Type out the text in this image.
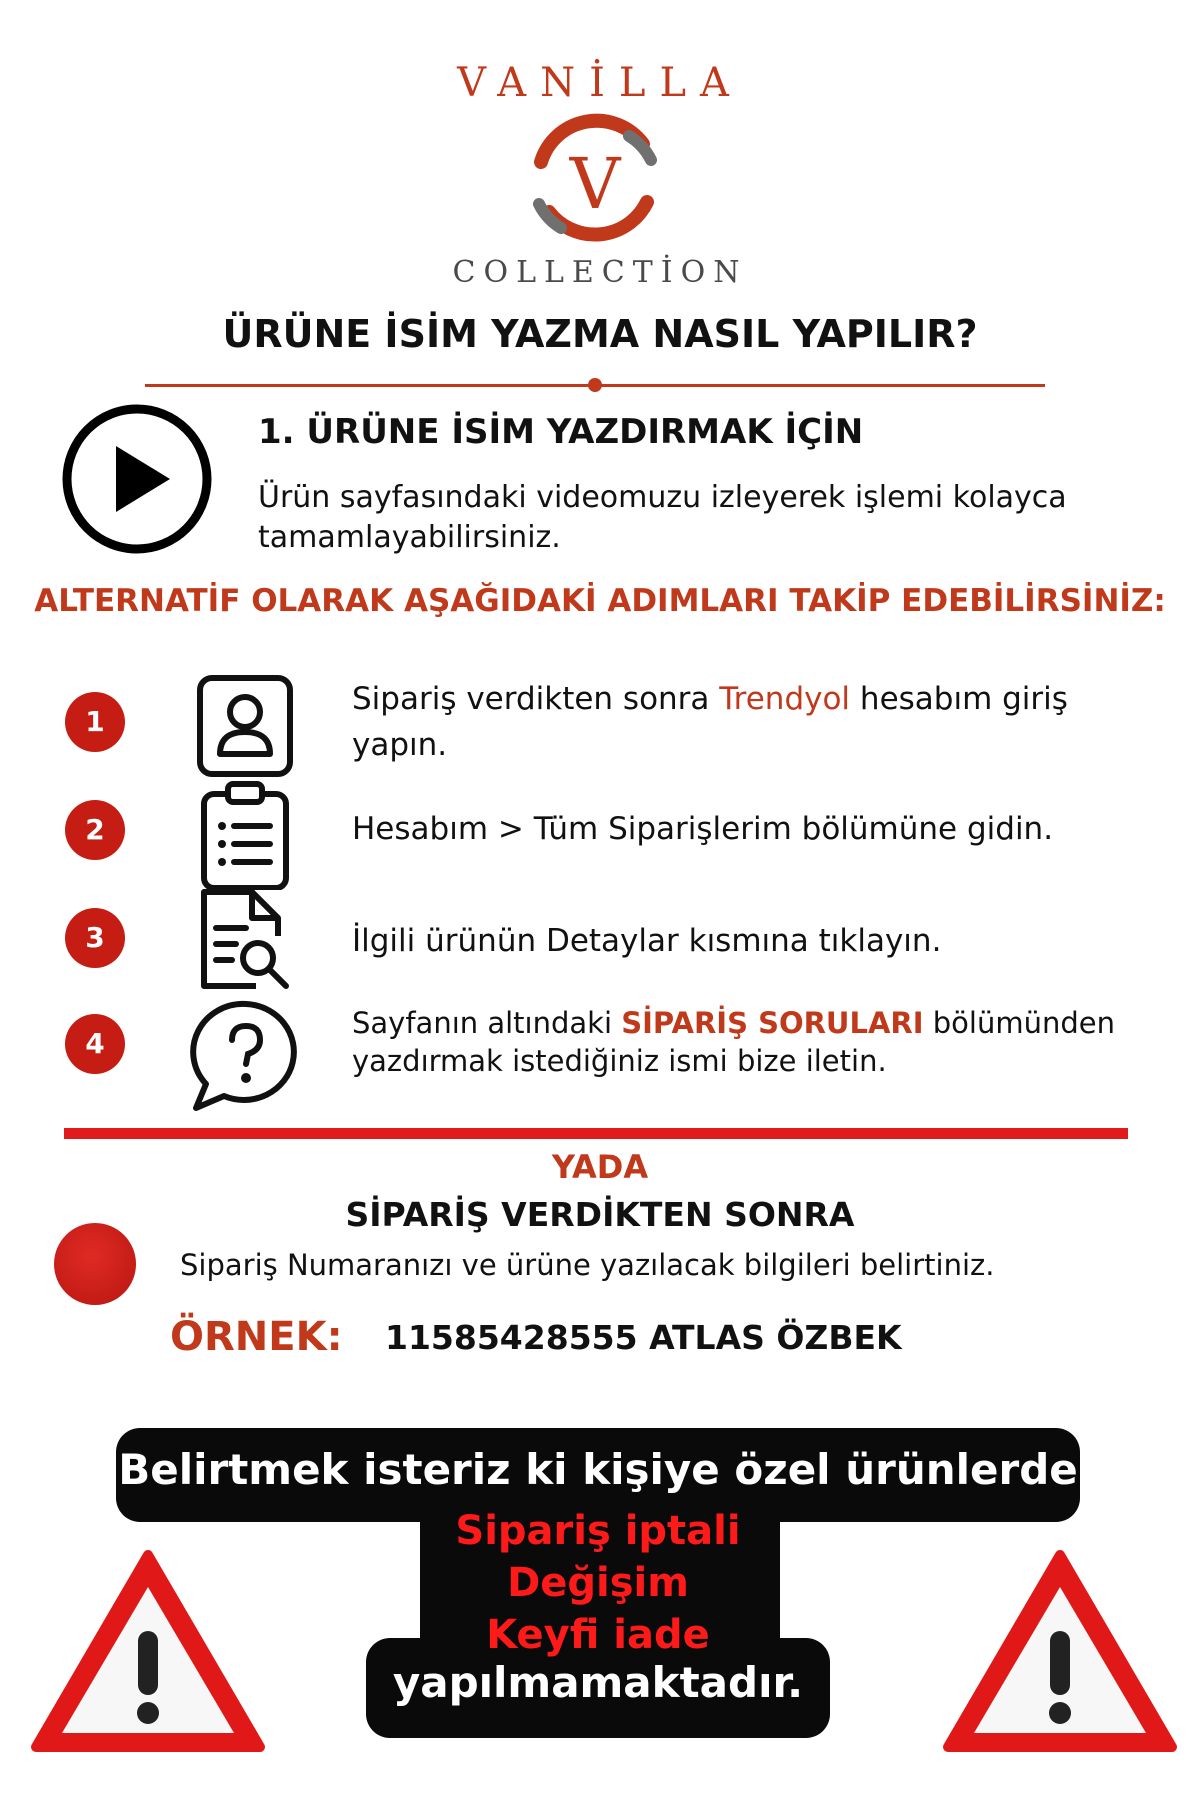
VANİLLA
V
COLLECTİON
ÜRÜNE İSİM YAZMA NASIL YAPILIR?
1. ÜRÜNE İSİM YAZDIRMAK İÇİN
Ürün sayfasındaki videomuzu izleyerek işlemi kolayca tamamlayabilirsiniz.
ALTERNATİF OLARAK AŞAĞIDAKİ ADIMLARI TAKİP EDEBİLİRSİNİZ:
1
Sipariş verdikten sonra Trendyol hesabım giriş yapın.
2	Hesabım > Tüm Siparişlerim bölümüne gidin.
3	İlgili ürünün Detaylar kısmına tıklayın.
4
Sayfanın altındaki SİPARİŞ SORULARI bölümünden yazdırmak istediğiniz ismi bize iletin.
YADA
SİPARİŞ VERDİKTEN SONRA
Sipariş Numaranızı ve ürüne yazılacak bilgileri belirtiniz.
ÖRNEK: 11585428555 ATLAS ÖZBEK
Belirtmek isteriz ki kişiye özel ürünlerde
Sipariş iptali
Değişim
Keyfi iade
yapılmamaktadır.
